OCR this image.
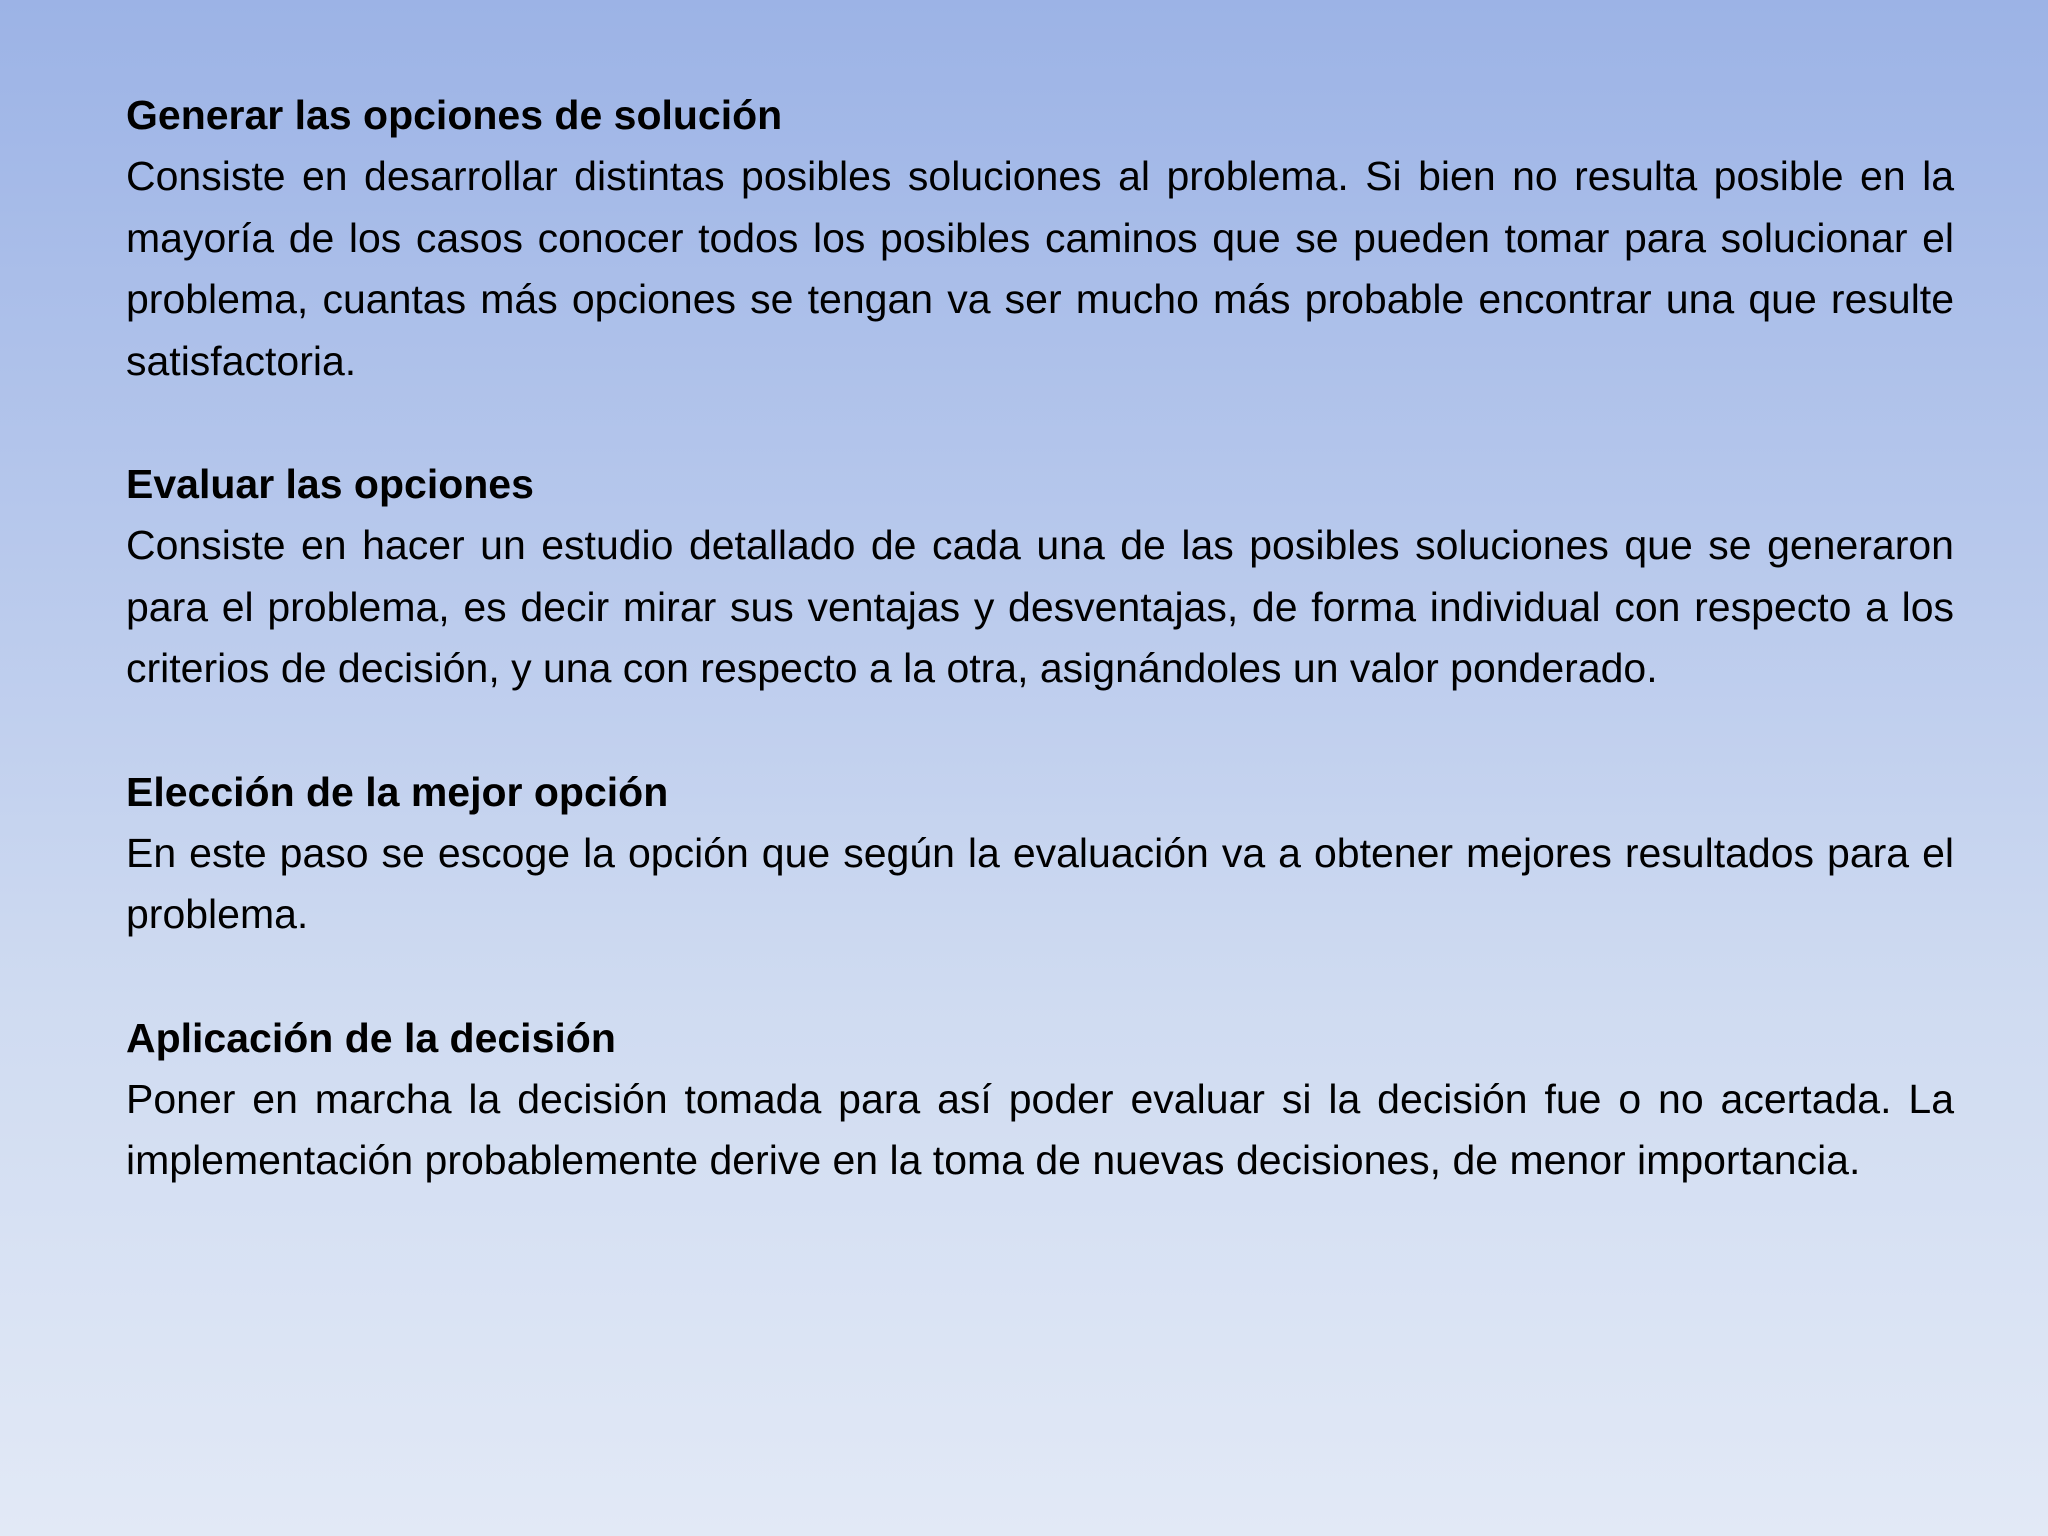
Generar las opciones de solución

Consiste en desarrollar distintas posibles soluciones al problema. Si bien no resulta posible en la mayoría de los casos conocer todos los posibles caminos que se pueden tomar para solucionar el problema, cuantas más opciones se tengan va ser mucho más probable encontrar una que resulte satisfactoria.

Evaluar las opciones

Consiste en hacer un estudio detallado de cada una de las posibles soluciones que se generaron para el problema, es decir mirar sus ventajas y desventajas, de forma individual con respecto a los criterios de decisión, y una con respecto a la otra, asignándoles un valor ponderado.

Elección de la mejor opción

En este paso se escoge la opción que según la evaluación va a obtener mejores resultados para el problema.

Aplicación de la decisión

Poner en marcha la decisión tomada para así poder evaluar si la decisión fue o no acertada. La implementación probablemente derive en la toma de nuevas decisiones, de menor importancia.
